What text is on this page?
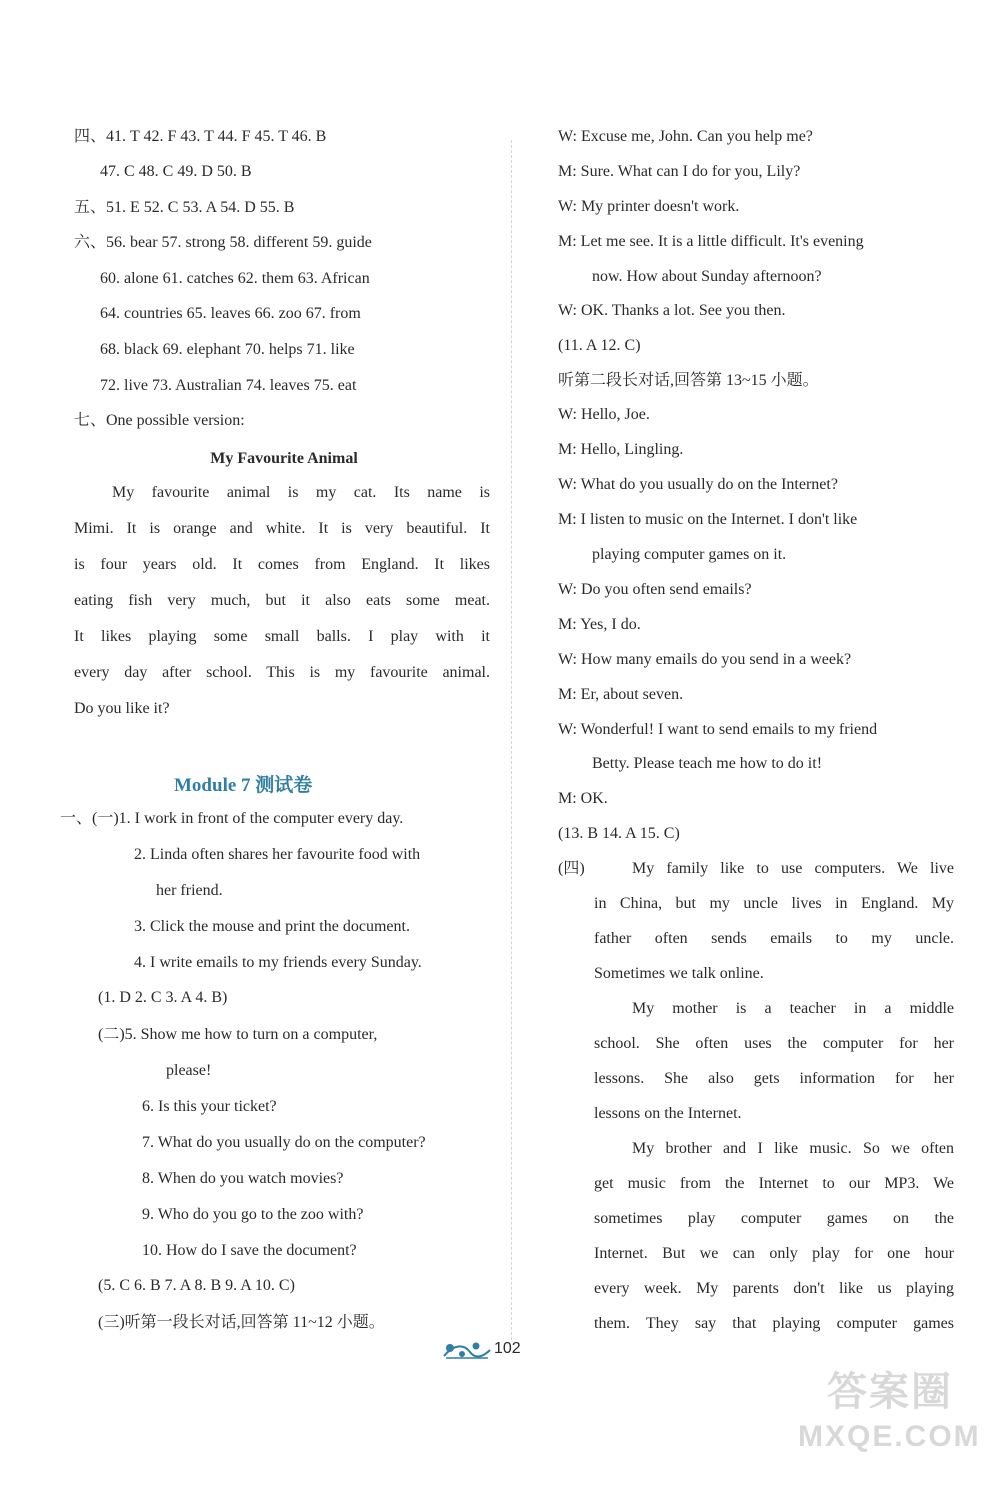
四、41. T 42. F 43. T 44. F 45. T 46. B
47. C 48. C 49. D 50. B
五、51. E 52. C 53. A 54. D 55. B
六、56. bear 57. strong 58. different 59. guide
60. alone 61. catches 62. them 63. African
64. countries 65. leaves 66. zoo 67. from
68. black 69. elephant 70. helps 71. like
72. live 73. Australian 74. leaves 75. eat
七、One possible version:
My Favourite Animal
My favourite animal is my cat. Its name is
Mimi. It is orange and white. It is very beautiful. It
is four years old. It comes from England. It likes
eating fish very much, but it also eats some meat.
It likes playing some small balls. I play with it
every day after school. This is my favourite animal.
Do you like it?
Module 7 测试卷
一、(一)1. I work in front of the computer every day.
2. Linda often shares her favourite food with
her friend.
3. Click the mouse and print the document.
4. I write emails to my friends every Sunday.
(1. D 2. C 3. A 4. B)
(二)5. Show me how to turn on a computer,
please!
6. Is this your ticket?
7. What do you usually do on the computer?
8. When do you watch movies?
9. Who do you go to the zoo with?
10. How do I save the document?
(5. C 6. B 7. A 8. B 9. A 10. C)
(三)听第一段长对话,回答第 11~12 小题。
W: Excuse me, John. Can you help me?
M: Sure. What can I do for you, Lily?
W: My printer doesn't work.
M: Let me see. It is a little difficult. It's evening
now. How about Sunday afternoon?
W: OK. Thanks a lot. See you then.
(11. A 12. C)
听第二段长对话,回答第 13~15 小题。
W: Hello, Joe.
M: Hello, Lingling.
W: What do you usually do on the Internet?
M: I listen to music on the Internet. I don't like
playing computer games on it.
W: Do you often send emails?
M: Yes, I do.
W: How many emails do you send in a week?
M: Er, about seven.
W: Wonderful! I want to send emails to my friend
Betty. Please teach me how to do it!
M: OK.
(13. B 14. A 15. C)
(四)	My family like to use computers. We live
in China, but my uncle lives in England. My
father often sends emails to my uncle.
Sometimes we talk online.
My mother is a teacher in a middle
school. She often uses the computer for her
lessons. She also gets information for her
lessons on the Internet.
My brother and I like music. So we often
get music from the Internet to our MP3. We
sometimes play computer games on the
Internet. But we can only play for one hour
every week. My parents don't like us playing
them. They say that playing computer games
102
答案圈
MXQE.COM
